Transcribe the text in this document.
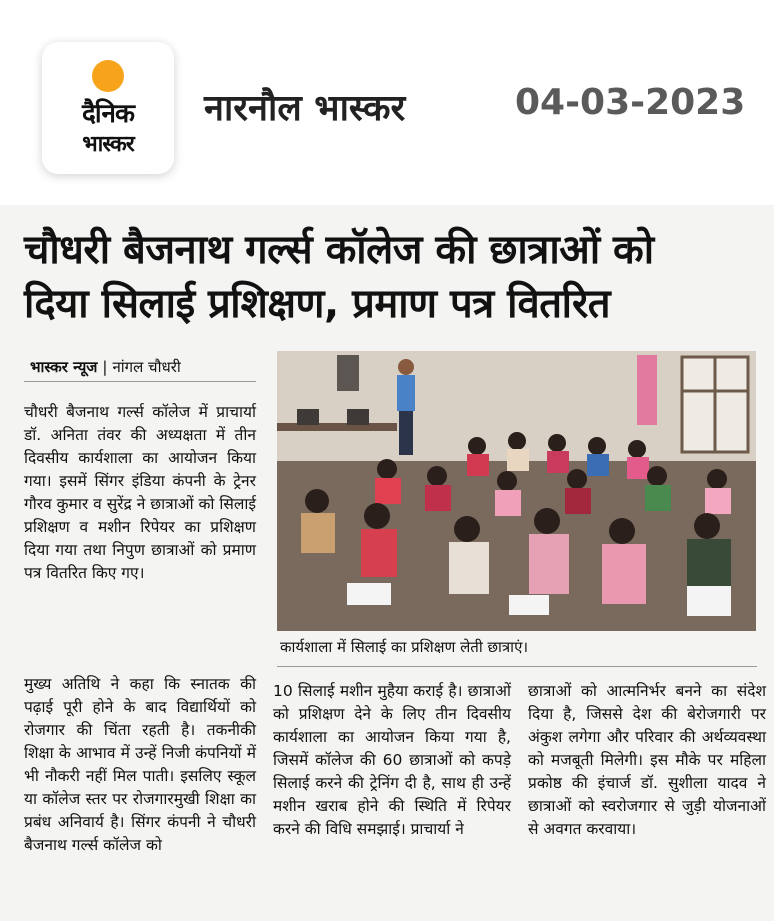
दैनिक
भास्कर
नारनौल भास्कर	04-03-2023
चौधरी बैजनाथ गर्ल्स कॉलेज की छात्राओं को
दिया सिलाई प्रशिक्षण, प्रमाण पत्र वितरित
भास्कर न्यूज | नांगल चौधरी
चौधरी बैजनाथ गर्ल्स कॉलेज में प्राचार्या डॉ. अनिता तंवर की अध्यक्षता में तीन दिवसीय कार्यशाला का आयोजन किया गया। इसमें सिंगर इंडिया कंपनी के ट्रेनर गौरव कुमार व सुरेंद्र ने छात्राओं को सिलाई प्रशिक्षण व मशीन रिपेयर का प्रशिक्षण दिया गया तथा निपुण छात्राओं को प्रमाण पत्र वितरित किए गए।
कार्यशाला में सिलाई का प्रशिक्षण लेती छात्राएं।
मुख्य अतिथि ने कहा कि स्नातक की पढ़ाई पूरी होने के बाद विद्यार्थियों को रोजगार की चिंता रहती है। तकनीकी शिक्षा के आभाव में उन्हें निजी कंपनियों में भी नौकरी नहीं मिल पाती। इसलिए स्कूल या कॉलेज स्तर पर रोजगारमुखी शिक्षा का प्रबंध अनिवार्य है। सिंगर कंपनी ने चौधरी बैजनाथ गर्ल्स कॉलेज को
10 सिलाई मशीन मुहैया कराई है। छात्राओं को प्रशिक्षण देने के लिए तीन दिवसीय कार्यशाला का आयोजन किया गया है, जिसमें कॉलेज की 60 छात्राओं को कपड़े सिलाई करने की ट्रेनिंग दी है, साथ ही उन्हें मशीन खराब होने की स्थिति में रिपेयर करने की विधि समझाई। प्राचार्या ने
छात्राओं को आत्मनिर्भर बनने का संदेश दिया है, जिससे देश की बेरोजगारी पर अंकुश लगेगा और परिवार की अर्थव्यवस्था को मजबूती मिलेगी। इस मौके पर महिला प्रकोष्ठ की इंचार्ज डॉ. सुशीला यादव ने छात्राओं को स्वरोजगार से जुड़ी योजनाओं से अवगत करवाया।
